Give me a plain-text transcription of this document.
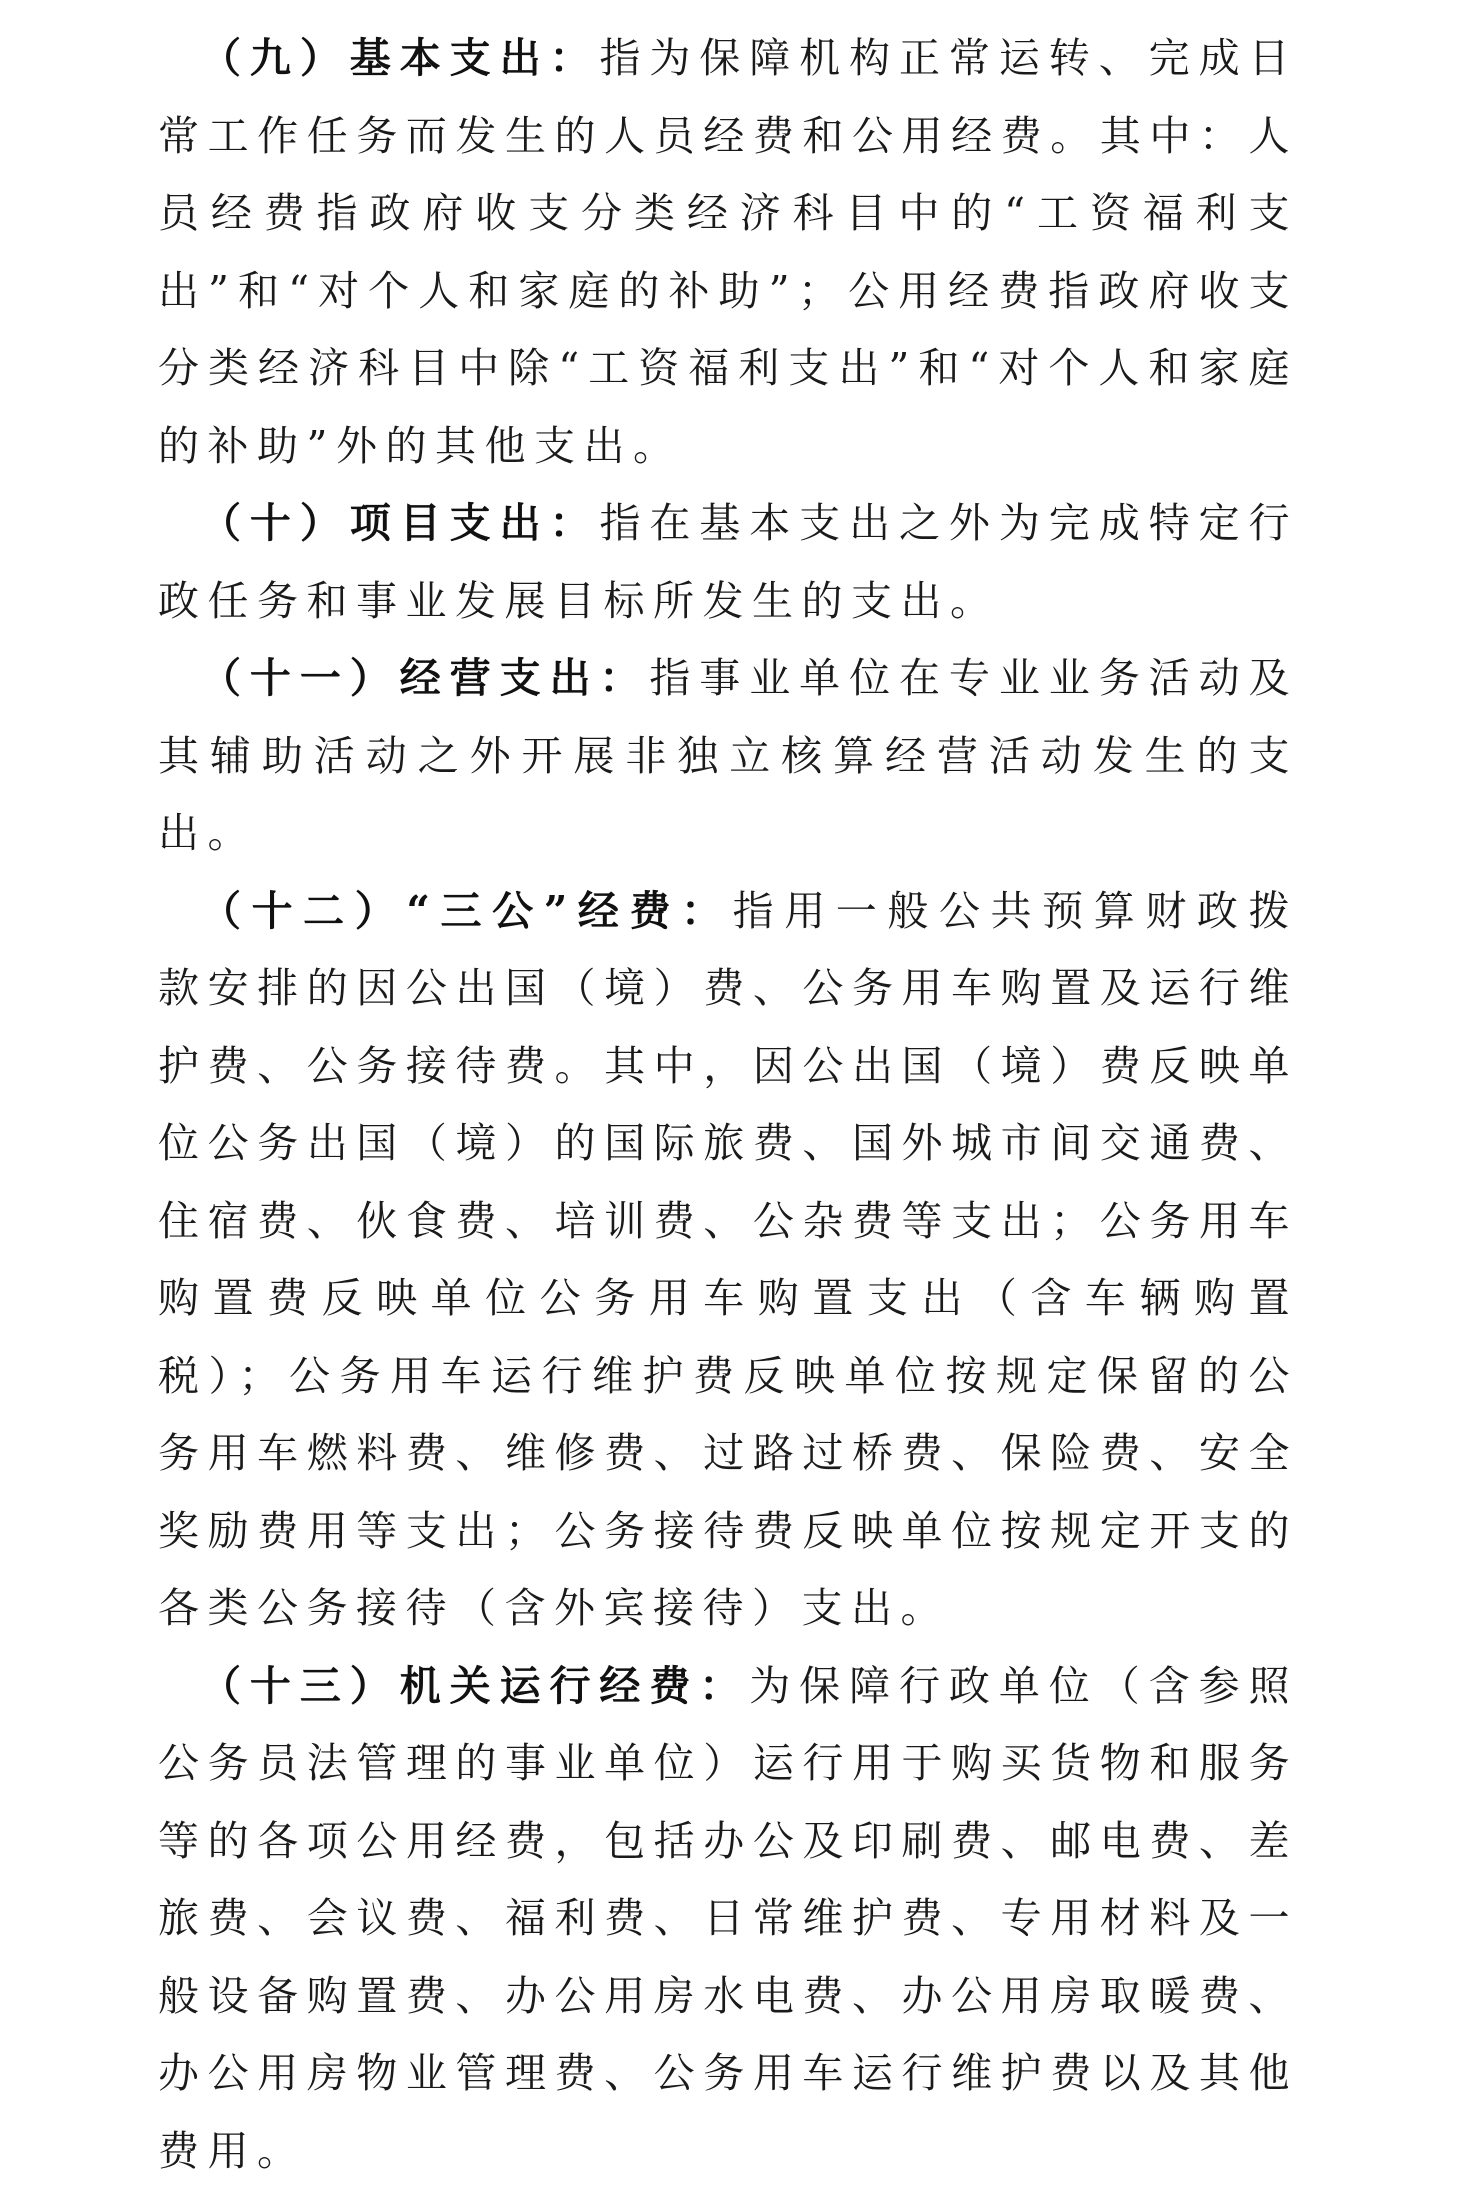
（九）基本支出：指为保障机构正常运转、完成日常工作任务而发生的人员经费和公用经费。其中：人员经费指政府收支分类经济科目中的“工资福利支出”和“对个人和家庭的补助”；公用经费指政府收支分类经济科目中除“工资福利支出”和“对个人和家庭的补助”外的其他支出。

（十）项目支出：指在基本支出之外为完成特定行政任务和事业发展目标所发生的支出。

（十一）经营支出：指事业单位在专业业务活动及其辅助活动之外开展非独立核算经营活动发生的支出。

（十二）“三公”经费：指用一般公共预算财政拨款安排的因公出国（境）费、公务用车购置及运行维护费、公务接待费。其中，因公出国（境）费反映单位公务出国（境）的国际旅费、国外城市间交通费、住宿费、伙食费、培训费、公杂费等支出；公务用车购置费反映单位公务用车购置支出（含车辆购置税）；公务用车运行维护费反映单位按规定保留的公务用车燃料费、维修费、过路过桥费、保险费、安全奖励费用等支出；公务接待费反映单位按规定开支的各类公务接待（含外宾接待）支出。

（十三）机关运行经费：为保障行政单位（含参照公务员法管理的事业单位）运行用于购买货物和服务等的各项公用经费，包括办公及印刷费、邮电费、差旅费、会议费、福利费、日常维护费、专用材料及一般设备购置费、办公用房水电费、办公用房取暖费、办公用房物业管理费、公务用车运行维护费以及其他费用。
